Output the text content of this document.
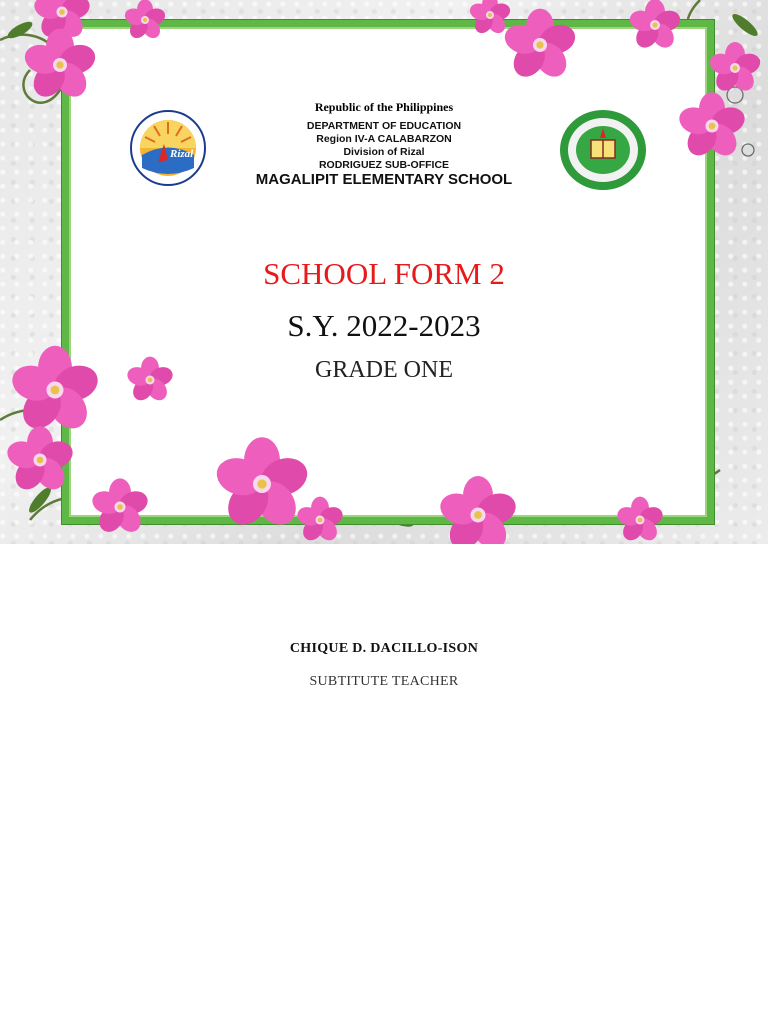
Rizal

Republic of the Philippines

DEPARTMENT OF EDUCATION

Region IV-A CALABARZON

Division of Rizal

RODRIGUEZ SUB-OFFICE

MAGALIPIT ELEMENTARY SCHOOL

SCHOOL FORM 2

S.Y. 2022-2023

GRADE ONE

CHIQUE D. DACILLO-ISON

SUBTITUTE TEACHER
